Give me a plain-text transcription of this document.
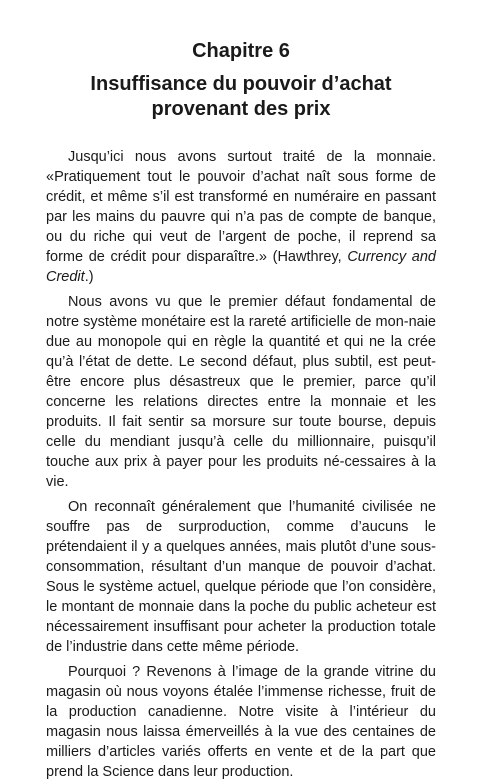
Chapitre 6
Insuffisance du pouvoir d’achat
provenant des prix

Jusqu’ici nous avons surtout traité de la monnaie. «Pratiquement tout le pouvoir d’achat naît sous forme de crédit, et même s’il est transformé en numéraire en passant par les mains du pauvre qui n’a pas de compte de banque, ou du riche qui veut de l’argent de poche, il reprend sa forme de crédit pour disparaître.» (Hawthrey, Currency and Credit.)

Nous avons vu que le premier défaut fondamental de notre système monétaire est la rareté artificielle de mon-naie due au monopole qui en règle la quantité et qui ne la crée qu’à l’état de dette. Le second défaut, plus subtil, est peut-être encore plus désastreux que le premier, parce qu’il concerne les relations directes entre la monnaie et les produits. Il fait sentir sa morsure sur toute bourse, depuis celle du mendiant jusqu’à celle du millionnaire, puisqu’il touche aux prix à payer pour les produits né-cessaires à la vie.

On reconnaît généralement que l’humanité civilisée ne souffre pas de surproduction, comme d’aucuns le prétendaient il y a quelques années, mais plutôt d’une sous-consommation, résultant d’un manque de pouvoir d’achat. Sous le système actuel, quelque période que l’on considère, le montant de monnaie dans la poche du public acheteur est nécessairement insuffisant pour acheter la production totale de l’industrie dans cette même période.

Pourquoi ? Revenons à l’image de la grande vitrine du magasin où nous voyons étalée l’immense richesse, fruit de la production canadienne. Notre visite à l’intérieur du magasin nous laissa émerveillés à la vue des centaines de milliers d’articles variés offerts en vente et de la part que prend la Science dans leur production.
